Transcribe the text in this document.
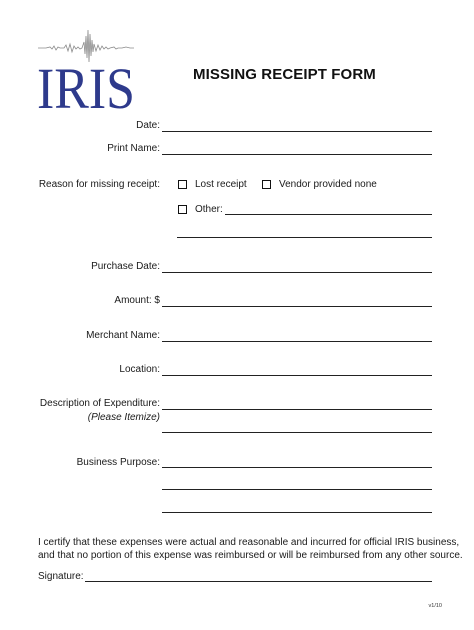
IRIS	MISSING RECEIPT FORM
Date:
Print Name:
Reason for missing receipt:	Lost receipt	Vendor provided none
Other:
Purchase Date:
Amount: $
Merchant Name:
Location:
Description of Expenditure:
(Please Itemize)
Business Purpose:
I certify that these expenses were actual and reasonable and incurred for official IRIS business,
and that no portion of this expense was reimbursed or will be reimbursed from any other source.
Signature:
v1/10
